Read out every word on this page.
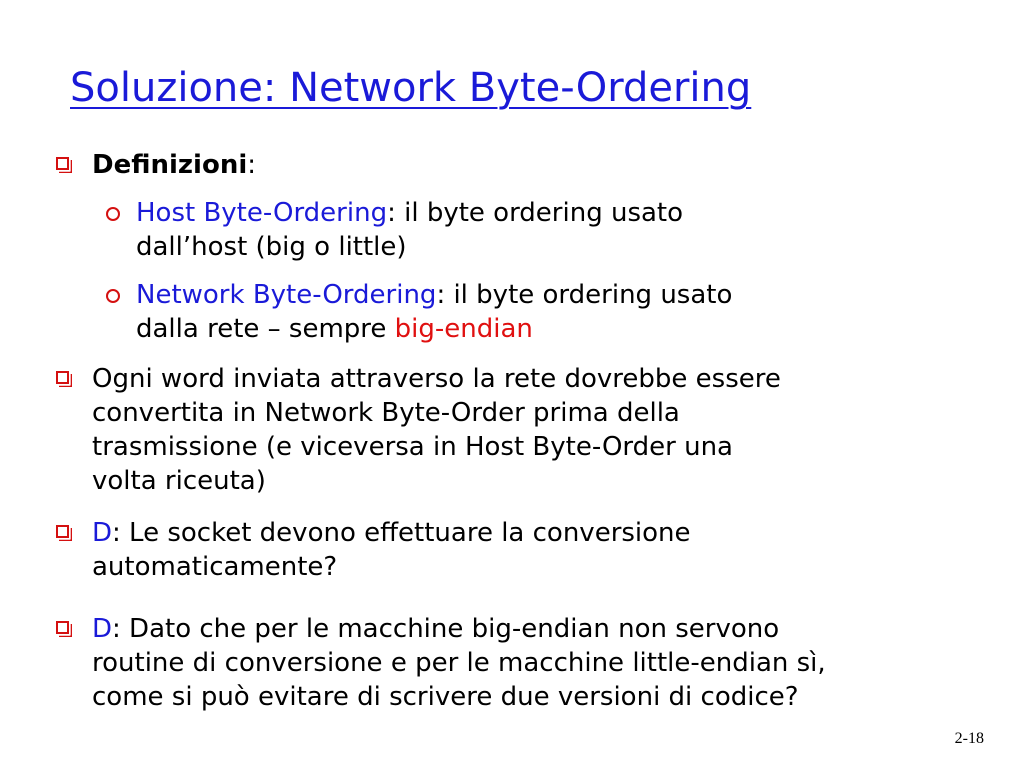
Soluzione: Network Byte-Ordering
Definizioni:
Host Byte-Ordering: il byte ordering usato
dall’host (big o little)
Network Byte-Ordering: il byte ordering usato
dalla rete – sempre big-endian
Ogni word inviata attraverso la rete dovrebbe essere
convertita in Network Byte-Order prima della
trasmissione (e viceversa in Host Byte-Order una
volta riceuta)
D: Le socket devono effettuare la conversione
automaticamente?
D: Dato che per le macchine big-endian non servono
routine di conversione e per le macchine little-endian sì,
come si può evitare di scrivere due versioni di codice?
2-18
